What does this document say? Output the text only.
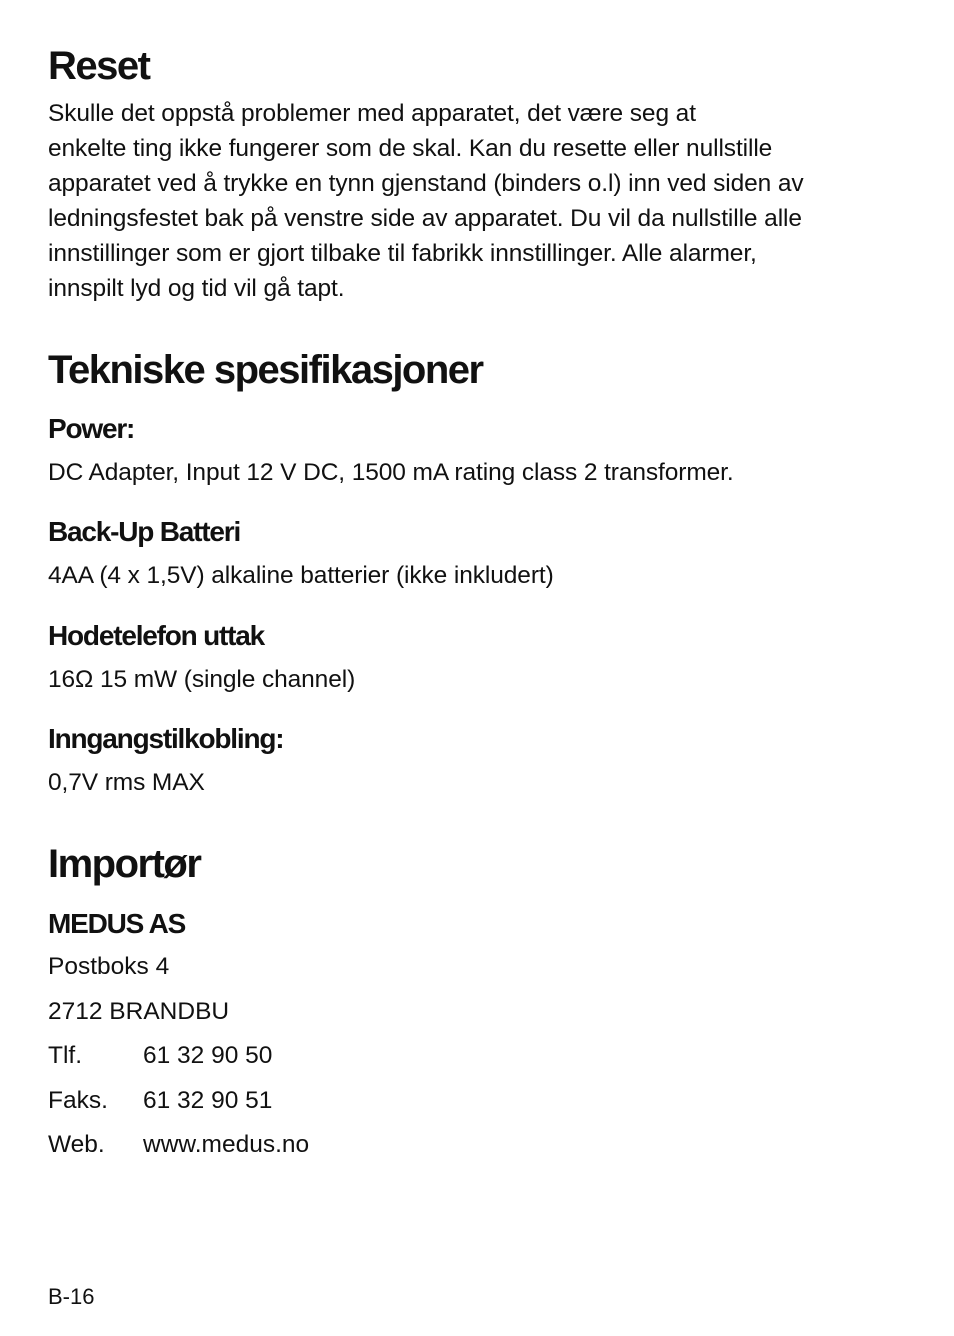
Reset

Skulle det oppstå problemer med apparatet, det være seg at

enkelte ting ikke fungerer som de skal. Kan du resette eller nullstille

apparatet ved å trykke en tynn gjenstand (binders o.l) inn ved siden av

ledningsfestet bak på venstre side av apparatet. Du vil da nullstille alle

innstillinger som er gjort tilbake til fabrikk innstillinger. Alle alarmer,

innspilt lyd og tid vil gå tapt.

Tekniske spesifikasjoner
Power:

DC Adapter, Input 12 V DC, 1500 mA rating class 2 transformer.

Back-Up Batteri

4AA (4 x 1,5V) alkaline batterier (ikke inkludert)

Hodetelefon uttak

16Ω 15 mW (single channel)

Inngangstilkobling:

0,7V rms MAX

Importør
MEDUS AS
Postboks 4
2712 BRANDBU
Tlf.	61 32 90 50
Faks.	61 32 90 51
Web.	www.medus.no
B-16
